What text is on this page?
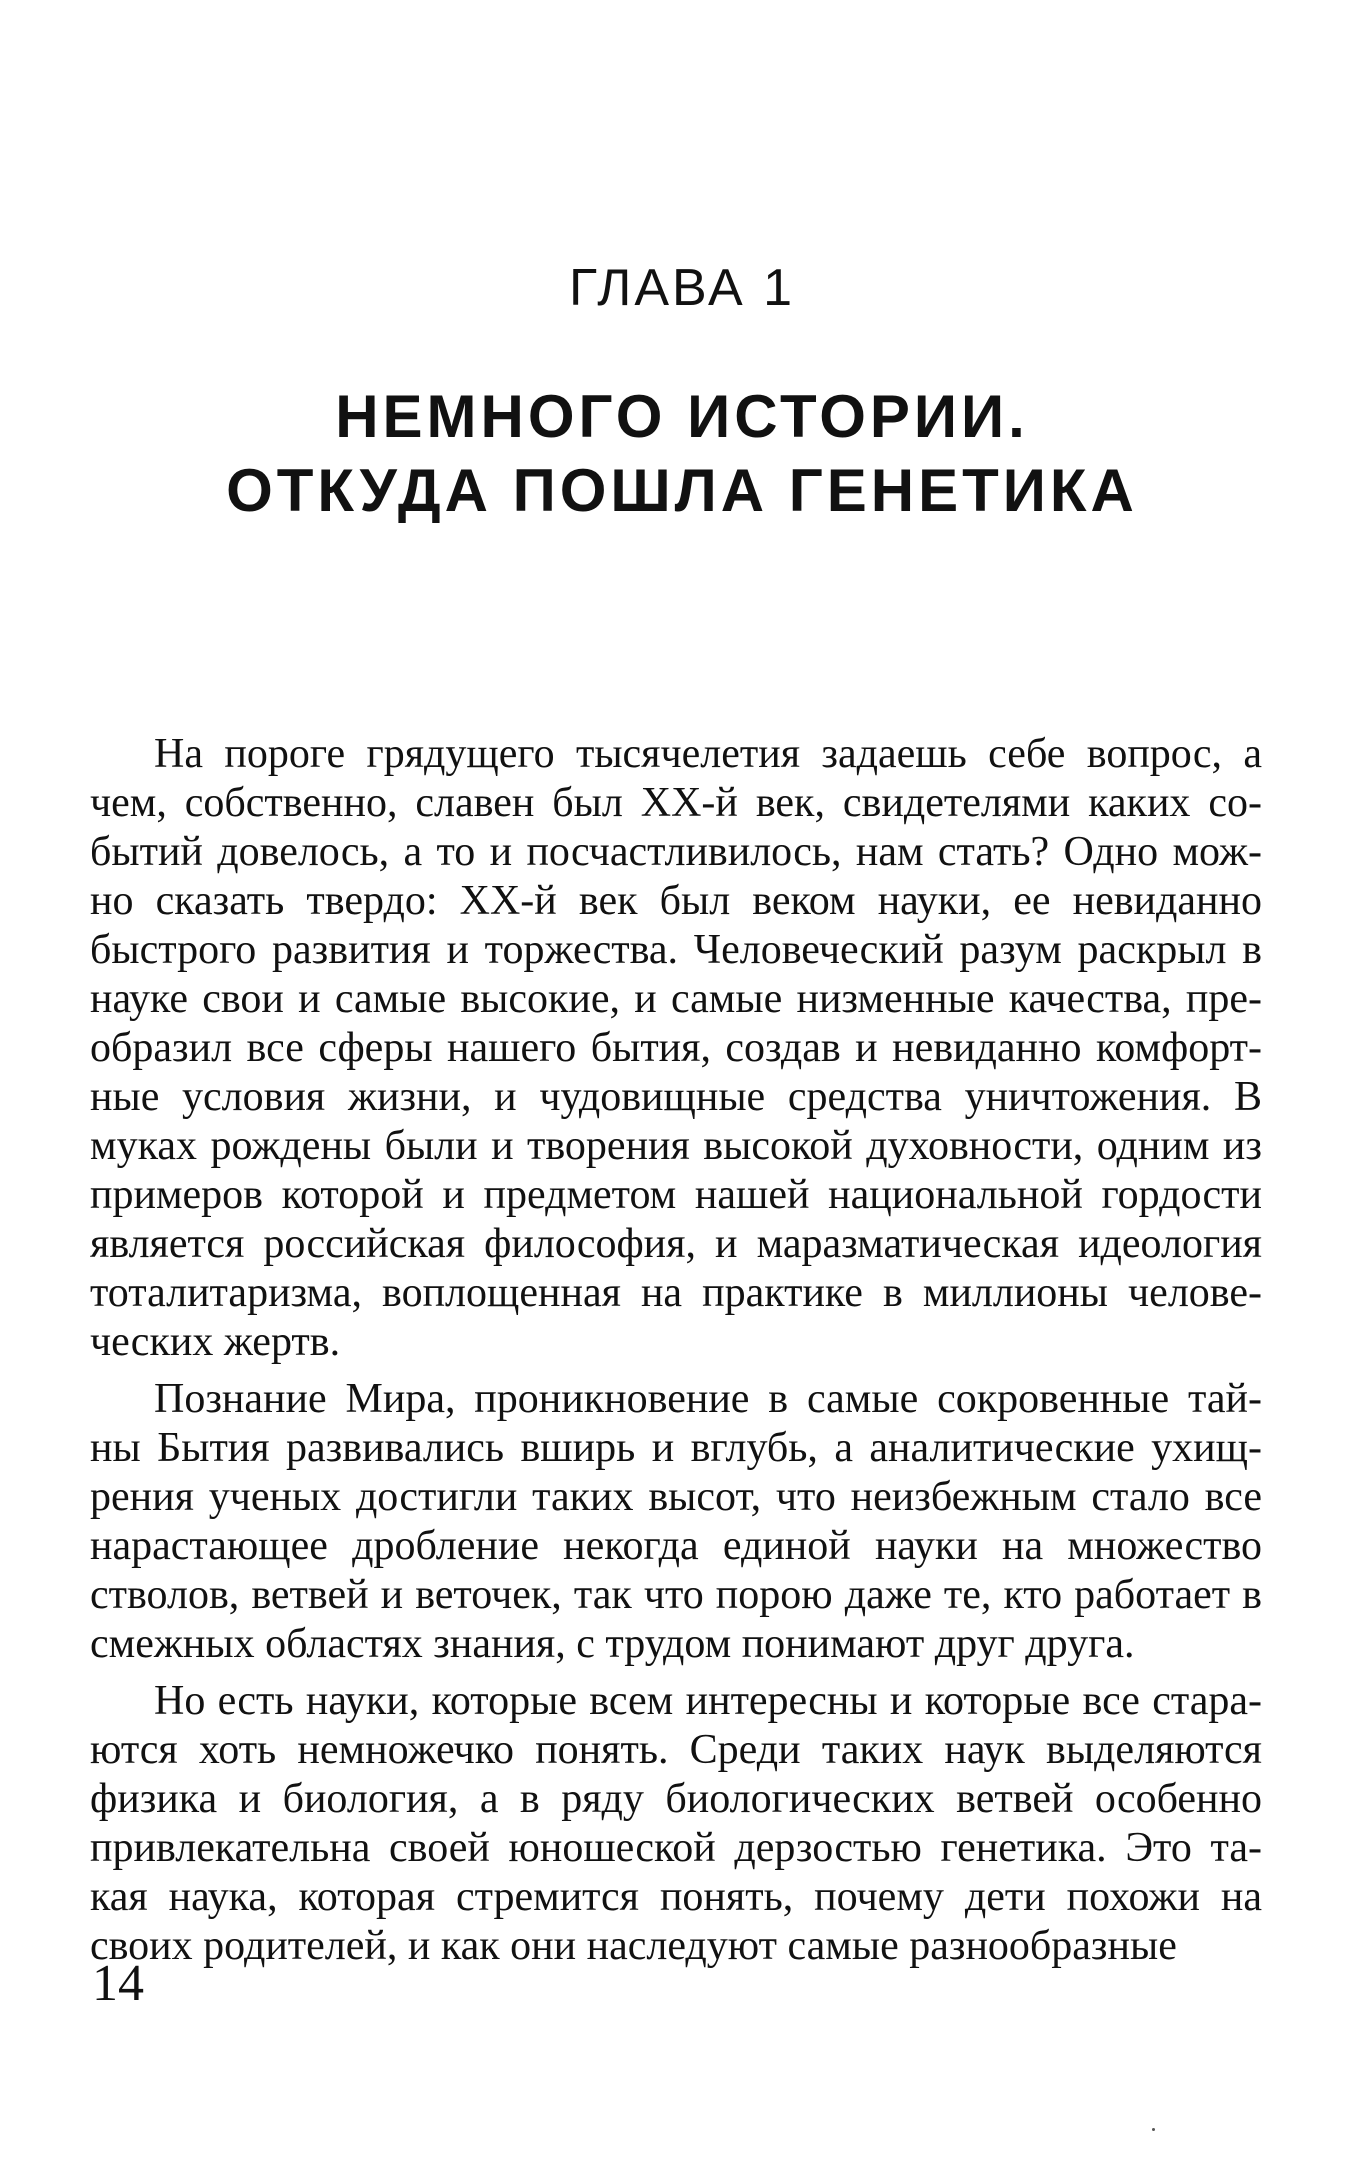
ГЛАВА 1
НЕМНОГО ИСТОРИИ.
ОТКУДА ПОШЛА ГЕНЕТИКА
На пороге грядущего тысячелетия задаешь себе вопрос, а
чем, собственно, славен был ХХ-й век, свидетелями каких со-
бытий довелось, а то и посчастливилось, нам стать? Одно мож-
но сказать твердо: ХХ-й век был веком науки, ее невиданно
быстрого развития и торжества. Человеческий разум раскрыл в
науке свои и самые высокие, и самые низменные качества, пре-
образил все сферы нашего бытия, создав и невиданно комфорт-
ные условия жизни, и чудовищные средства уничтожения. В
муках рождены были и творения высокой духовности, одним из
примеров которой и предметом нашей национальной гордости
является российская философия, и маразматическая идеология
тоталитаризма, воплощенная на практике в миллионы челове-
ческих жертв.
Познание Мира, проникновение в самые сокровенные тай-
ны Бытия развивались вширь и вглубь, а аналитические ухищ-
рения ученых достигли таких высот, что неизбежным стало все
нарастающее дробление некогда единой науки на множество
стволов, ветвей и веточек, так что порою даже те, кто работает в
смежных областях знания, с трудом понимают друг друга.
Но есть науки, которые всем интересны и которые все стара-
ются хоть немножечко понять. Среди таких наук выделяются
физика и биология, а в ряду биологических ветвей особенно
привлекательна своей юношеской дерзостью генетика. Это та-
кая наука, которая стремится понять, почему дети похожи на
своих родителей, и как они наследуют самые разнообразные
14
